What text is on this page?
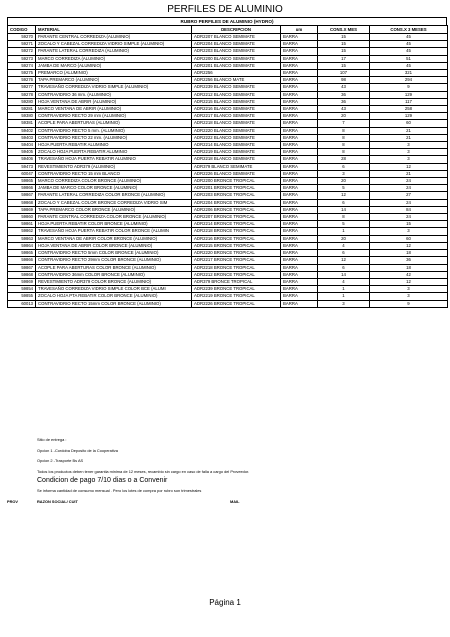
PERFILES DE ALUMINIO
RUBRO PERFILES DE ALUMINIO (HYDRO)
CODIGO	MATERIAL	DESCRIPCION	um	CONS.X MES	CONS.X 3 MESES
59270	PARANTE CENTRAL CORREDIZA (ALUMINIO)	ADR2207 BLANCO SEMIMATE	BARRA	15	45
59271	ZOCALO Y CABEZAL CORREDIZA VIDRIO SIMPLE (ALUMINIO)	ADR2204 BLANCO SEMIMATE	BARRA	15	45
59272	PARANTE LATERAL CORREDIZA (ALUMINIO)	ADR2203 BLANCO SEMIMATE	BARRA	15	45
59273	MARCO CORREDIZA (ALUMINIO)	ADR2200 BLANCO SEMIMATE	BARRA	17	51
59274	JAMBA DE MARCO (ALUMINIO)	ADR2201 BLANCO SEMIMATE	BARRA	15	45
59275	PREMARCO (ALUMINIO)	ADR2256	BARRA	107	321
59276	TAPA PREMARCO (ALUMINIO)	ADR2256 BLANCO MATE	BARRA	98	294
59277	TRAVESAÑO CORREDIZA VIDRIO SIMPLE (ALUMINIO)	ADR2239 BLANCO SEMIMATE	BARRA	43	9
59278	CONTRAVIDRIO 36 mm. (ALUMINIO)	ADR2212 BLANCO SEMIMATE	BARRA	36	129
59280	HOJA VENTANA DE ABRIR (ALUMINIO)	ADR2215 BLANCO SEMIMATE	BARRA	36	117
59281	MARCO VENTANA DE ABRIR (ALUMINIO)	ADR2216 BLANCO SEMIMATE	BARRA	43	258
59380	CONTRAVIDRIO RECTO 29 mm (ALUMINIO)	ADR2217 BLANCO SEMIMATE	BARRA	20	129
59381	ACOPLE PARA ABERTURAS (ALUMINIO)	ADR2218 BLANCO SEMIMATE	BARRA	7	60
59402	CONTRAVIDRIO RECTO 5 mm. (ALUMINIO)	ADR2220 BLANCO SEMIMATE	BARRA	8	21
59403	CONTRAVIDRIO RECTO 22 mm. (ALUMINIO)	ADR2222 BLANCO SEMIMATE	BARRA	8	21
59404	HOJA PUERTA REBATIR ALUMINIO	ADR2214 BLANCO SEMIMATE	BARRA	8	3
59405	ZOCALO HOJA PUERTA REBATIR ALUMINIO	ADR2219 BLANCO SEMIMATE	BARRA	8	3
59406	TRAVESAÑO HOJA PUERTA REBATIR ALUMINIO	ADR2218 BLANCO SEMIMATE	BARRA	28	3
59473	REVESTIMIENTO ADR379 (ALUMINIO)	ADR379 BLANCO SEMIMATE	BARRA	6	12
60047	CONTRAVIDRIO RECTO 15 mm BLANCO	ADR2226 BLANCO SEMIMATE	BARRA	3	21
59865	MARCO CORREDIZA COLOR BRONCE (ALUMINIO)	ADR2200 BRONCE TROPICAL	BARRA	20	24
59866	JAMBA DE MARCO COLOR BRONCE (ALUMINIO)	ADR2201 BRONCE TROPICAL	BARRA	5	24
59867	PARANTE LATERAL CORREDIZA COLOR BRONCE (ALUMINIO)	ADR2203 BRONCE TROPICAL	BARRA	12	27
59868	ZOCALO Y CABEZAL COLOR BRONCE CORREDIZA VIDRIO SIM	ADR2204 BRONCE TROPICAL	BARRA	6	24
59869	TAPA PREMARCO COLOR BRONCE (ALUMINIO)	ADR2206 BRONCE TROPICAL	BARRA	14	84
59860	PARANTE CENTRAL CORREDIZA COLOR BRONCE (ALUMINIO)	ADR2207 BRONCE TROPICAL	BARRA	8	24
59861	HOJA PUERTA REBATIR COLOR BRONCE (ALUMINIO)	ADR2214 BRONCE TROPICAL	BARRA	5	15
59862	TRAVESAÑO HOJA PUERTA REBATIR COLOR BRONCE (ALUMIN	ADR2218 BRONCE TROPICAL	BARRA	1	3
59863	MARCO VENTANA DE ABRIR COLOR BRONCE (ALUMINIO)	ADR2216 BRONCE TROPICAL	BARRA	20	60
59864	HOJA VENTANA DE ABRIR COLOR BRONCE (ALUMINIO)	ADR2215 BRONCE TROPICAL	BARRA	4	12
59865	CONTRAVIDRIO RECTO 5mm COLOR BRONCE (ALUMINIO)	ADR2220 BRONCE TROPICAL	BARRA	6	18
59866	CONTRAVIDRIO RECTO 29mm COLOR BRONCE (ALUMINIO)	ADR2217 BRONCE TROPICAL	BARRA	12	36
59867	ACOPLE PARA ABERTURAS COLOR BRONCE (ALUMINIO)	ADR2218 BRONCE TROPICAL	BARRA	6	18
59868	CONTRAVIDRIO 36mm COLOR BRONCE (ALUMINIO)	ADR2212 BRONCE TROPICAL	BARRA	14	42
59869	REVESTIMIENTO ADR379 COLOR BRONCE (ALUMINIO)	ADR379 BRONCE TROPICAL	BARRA	4	12
59854	TRAVESAÑO CORREDIZA VIDRIO SIMPLE COLOR BCE (ALUMI	ADR2239 BRONCE TROPICAL	BARRA	1	3
59855	ZOCALO HOJA PTA REBATIR COLOR BRONCE (ALUMINIO)	ADR2219 BRONCE TROPICAL	BARRA	1	3
60013	CONTRAVIDRIO RECTO 15mm COLOR BRONCE (ALUMINIO)	ADR2226 BRONCE TROPICAL	BARRA	3	9
Sitio de entrega :
Opcion 1 -Cordoba Deposito de la Cooperativa
Opcion 2 -Trasporte Bs AS
Todos los productos deben tener garantia minima de 12 meses, recambio sin cargo en caso de falla a cargo del Proveedor.
Condicion de pago 7/10 dias o a Convenir
Se informa cantidad de consumo mensual . Pero los lotes de compra por rubro son trimestrales
PROV	RAZON SOCIAL/ CUIT	MAIL
Página 1
